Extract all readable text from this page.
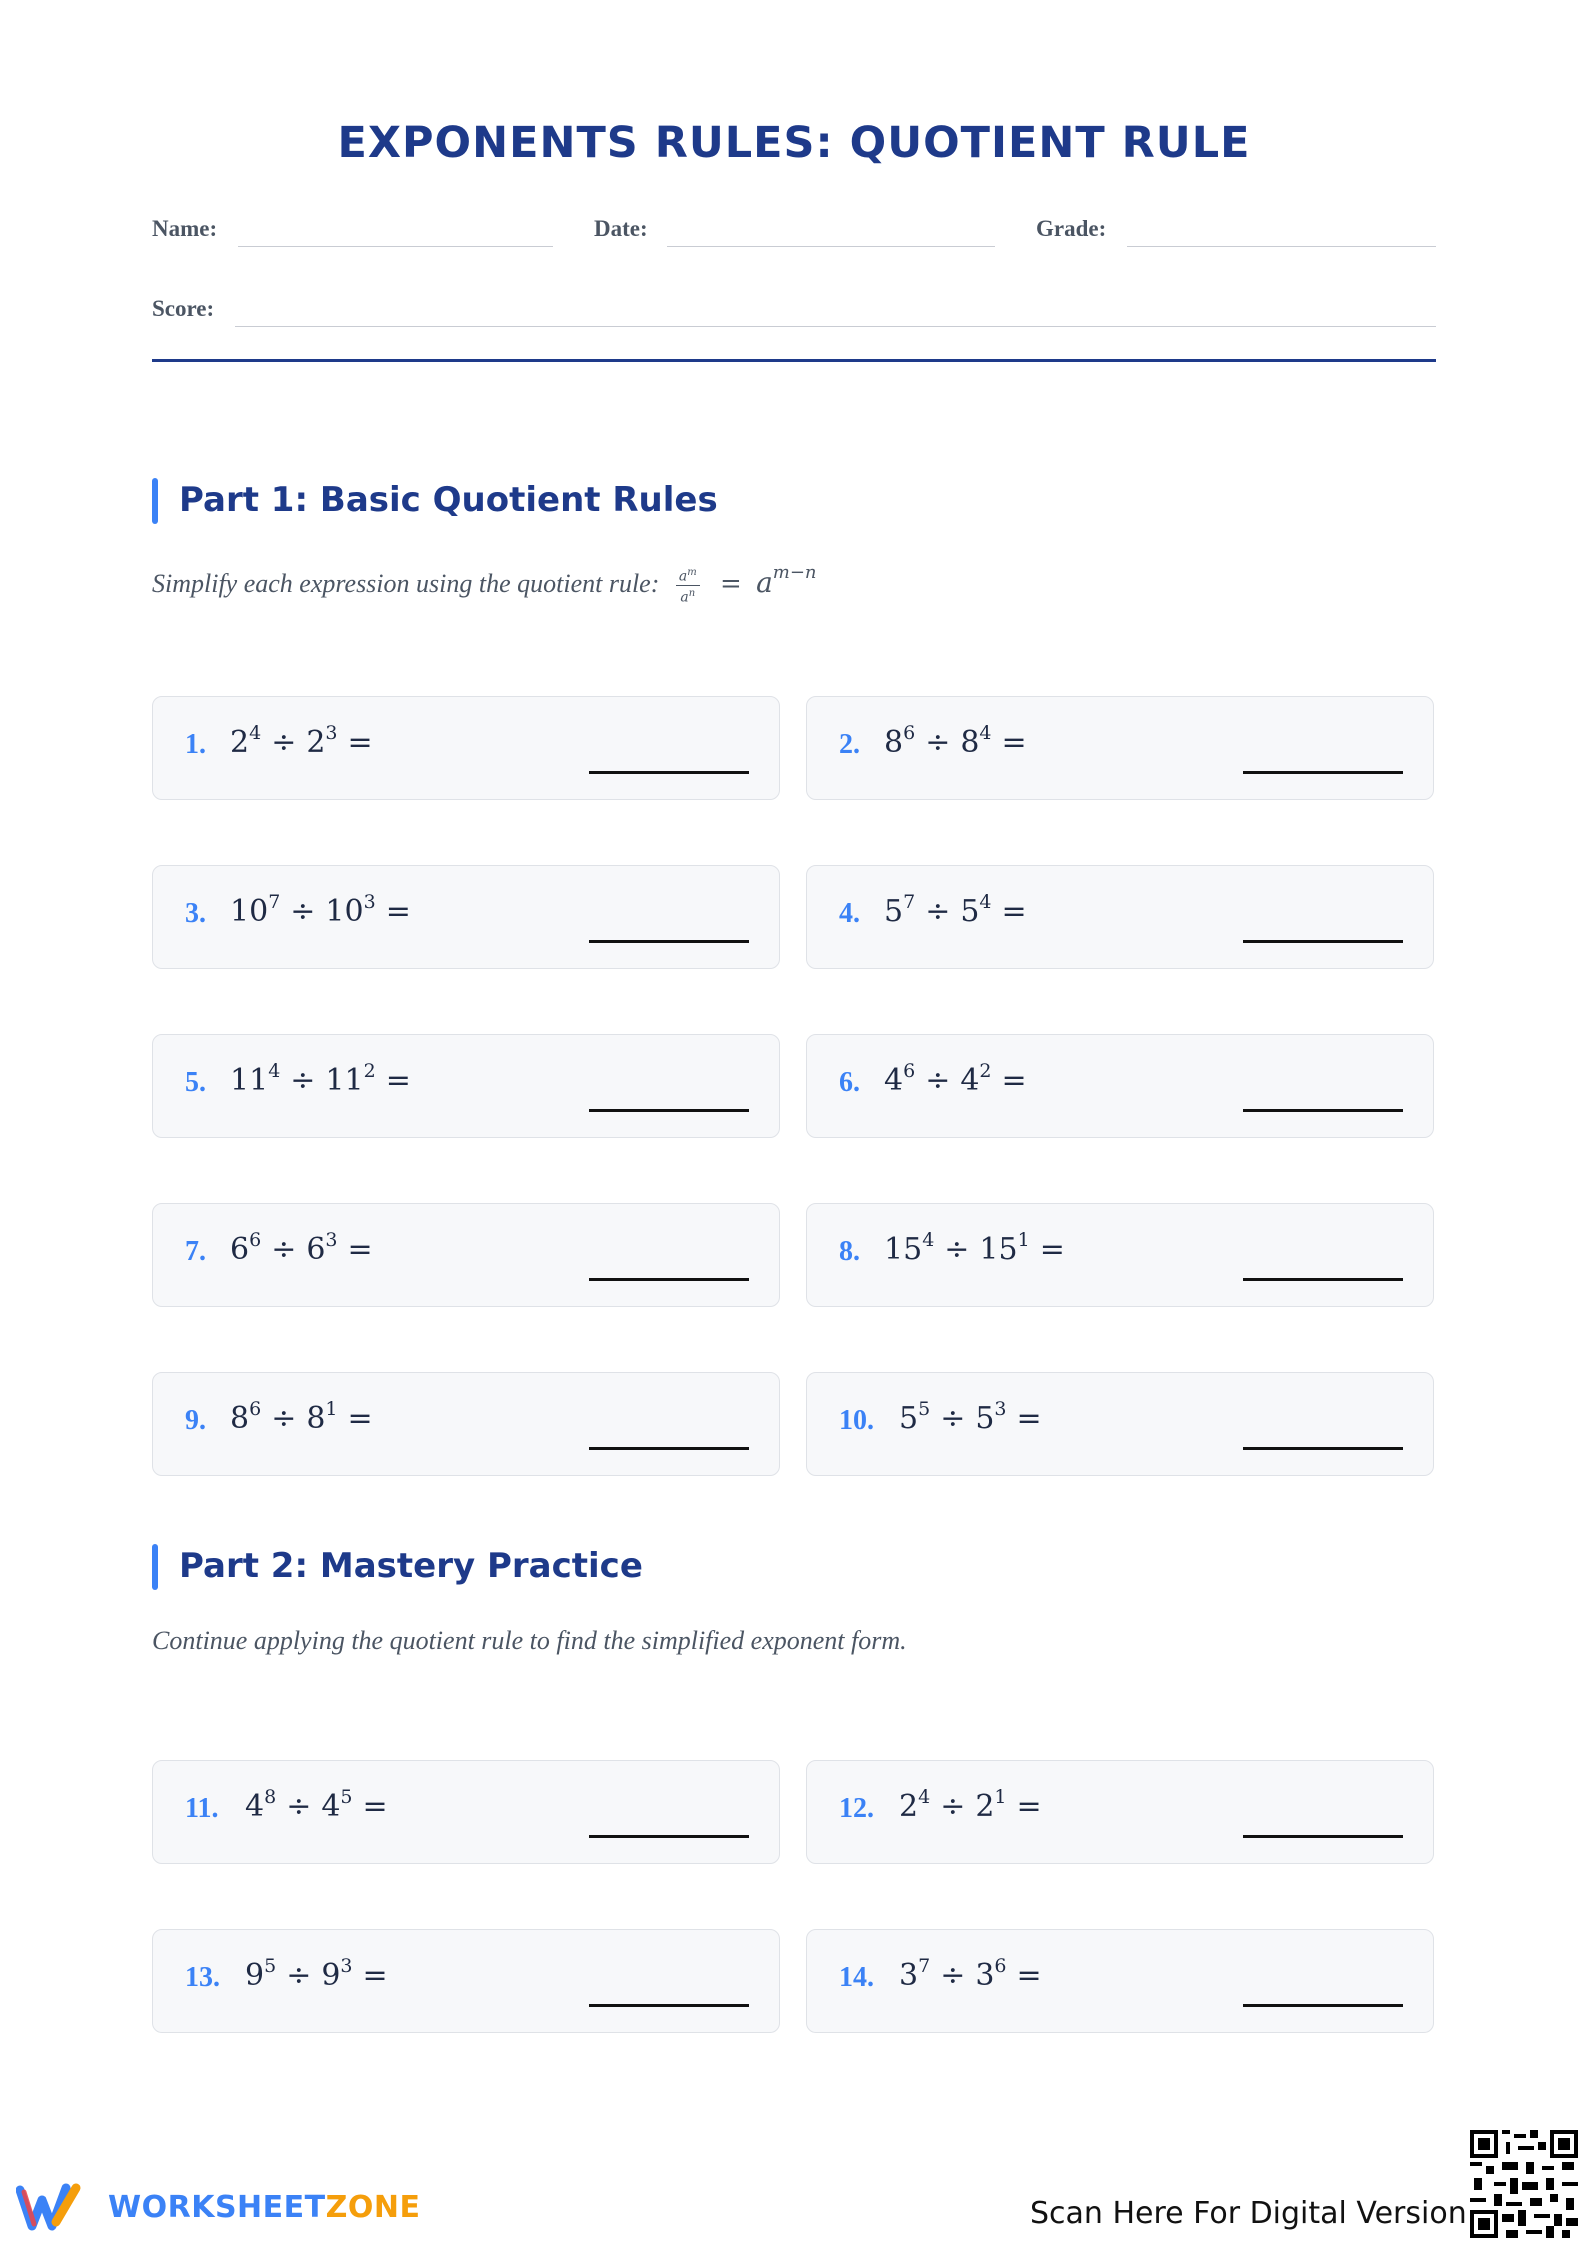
EXPONENTS RULES: QUOTIENT RULE
Name:	Date:	Grade:
Score:
Part 1: Basic Quotient Rules
Simplify each expression using the quotient rule: $\frac{a^m}{a^n} = a^{m-n}$
Part 2: Mastery Practice
Continue applying the quotient rule to find the simplified exponent form.
1. $2^4 \div 2^3$ =	2. $8^6 \div 8^4$ =
3. $10^7 \div 10^3$ =	4. $5^7 \div 5^4$ =
5. $11^4 \div 11^2$ =	6. $4^6 \div 4^2$ =
7. $6^6 \div 6^3$ =	8. $15^4 \div 15^1$ =
9. $8^6 \div 8^1$ =	10. $5^5 \div 5^3$ =
11. $4^8 \div 4^5$ =	12. $2^4 \div 2^1$ =
13. $9^5 \div 9^3$ =	14. $3^7 \div 3^6$ =
WORKSHEETZONE	Scan Here For Digital Version
